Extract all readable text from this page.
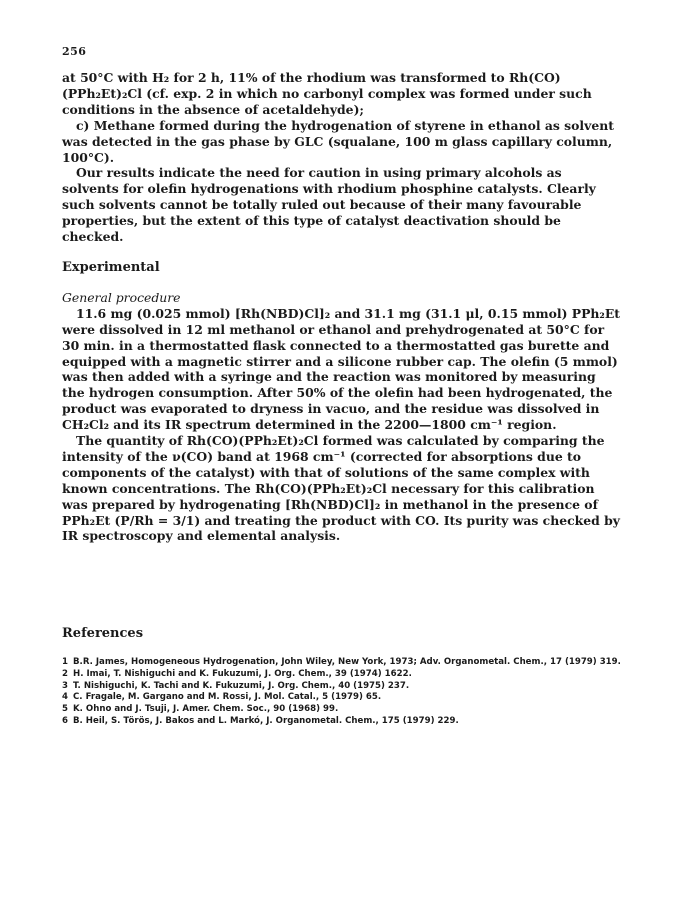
256

at 50°C with H₂ for 2 h, 11% of the rhodium was transformed to Rh(CO)(PPh₂Et)₂Cl (cf. exp. 2 in which no carbonyl complex was formed under such conditions in the absence of acetaldehyde);

c) Methane formed during the hydrogenation of styrene in ethanol as solvent was detected in the gas phase by GLC (squalane, 100 m glass capillary column, 100°C).

Our results indicate the need for caution in using primary alcohols as solvents for olefin hydrogenations with rhodium phosphine catalysts. Clearly such solvents cannot be totally ruled out because of their many favourable properties, but the extent of this type of catalyst deactivation should be checked.

Experimental

General procedure

11.6 mg (0.025 mmol) [Rh(NBD)Cl]₂ and 31.1 mg (31.1 μl, 0.15 mmol) PPh₂Et were dissolved in 12 ml methanol or ethanol and prehydrogenated at 50°C for 30 min. in a thermostatted flask connected to a thermostatted gas burette and equipped with a magnetic stirrer and a silicone rubber cap. The olefin (5 mmol) was then added with a syringe and the reaction was monitored by measuring the hydrogen consumption. After 50% of the olefin had been hydrogenated, the product was evaporated to dryness in vacuo, and the residue was dissolved in CH₂Cl₂ and its IR spectrum determined in the 2200—1800 cm⁻¹ region.

The quantity of Rh(CO)(PPh₂Et)₂Cl formed was calculated by comparing the intensity of the ν(CO) band at 1968 cm⁻¹ (corrected for absorptions due to components of the catalyst) with that of solutions of the same complex with known concentrations. The Rh(CO)(PPh₂Et)₂Cl necessary for this calibration was prepared by hydrogenating [Rh(NBD)Cl]₂ in methanol in the presence of PPh₂Et (P/Rh = 3/1) and treating the product with CO. Its purity was checked by IR spectroscopy and elemental analysis.

References

1 B.R. James, Homogeneous Hydrogenation, John Wiley, New York, 1973; Adv. Organometal. Chem., 17 (1979) 319.
2 H. Imai, T. Nishiguchi and K. Fukuzumi, J. Org. Chem., 39 (1974) 1622.
3 T. Nishiguchi, K. Tachi and K. Fukuzumi, J. Org. Chem., 40 (1975) 237.
4 C. Fragale, M. Gargano and M. Rossi, J. Mol. Catal., 5 (1979) 65.
5 K. Ohno and J. Tsuji, J. Amer. Chem. Soc., 90 (1968) 99.
6 B. Heil, S. Törös, J. Bakos and L. Markó, J. Organometal. Chem., 175 (1979) 229.
